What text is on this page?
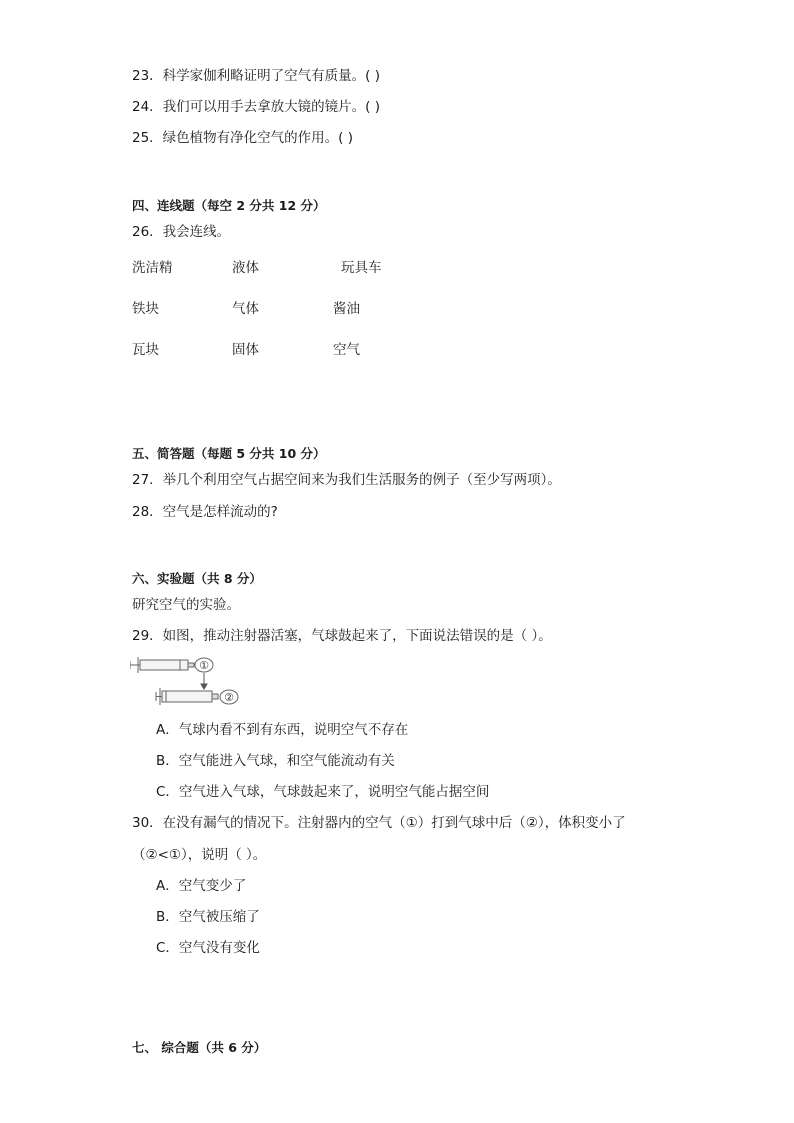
23．科学家伽利略证明了空气有质量。( )
24．我们可以用手去拿放大镜的镜片。( )
25．绿色植物有净化空气的作用。( )
四、连线题（每空 2 分共 12 分）
26．我会连线。
洗洁精	液体	玩具车
铁块	气体	酱油
瓦块	固体	空气
五、简答题（每题 5 分共 10 分）
27．举几个利用空气占据空间来为我们生活服务的例子（至少写两项）。
28．空气是怎样流动的?
六、实验题（共 8 分）
研究空气的实验。
29．如图，推动注射器活塞，气球鼓起来了，下面说法错误的是（ ）。
①
②
A．气球内看不到有东西，说明空气不存在
B．空气能进入气球，和空气能流动有关
C．空气进入气球，气球鼓起来了，说明空气能占据空间
30．在没有漏气的情况下。注射器内的空气（①）打到气球中后（②），体积变小了
（②<①），说明（ ）。
A．空气变少了
B．空气被压缩了
C．空气没有变化
七、 综合题（共 6 分）
